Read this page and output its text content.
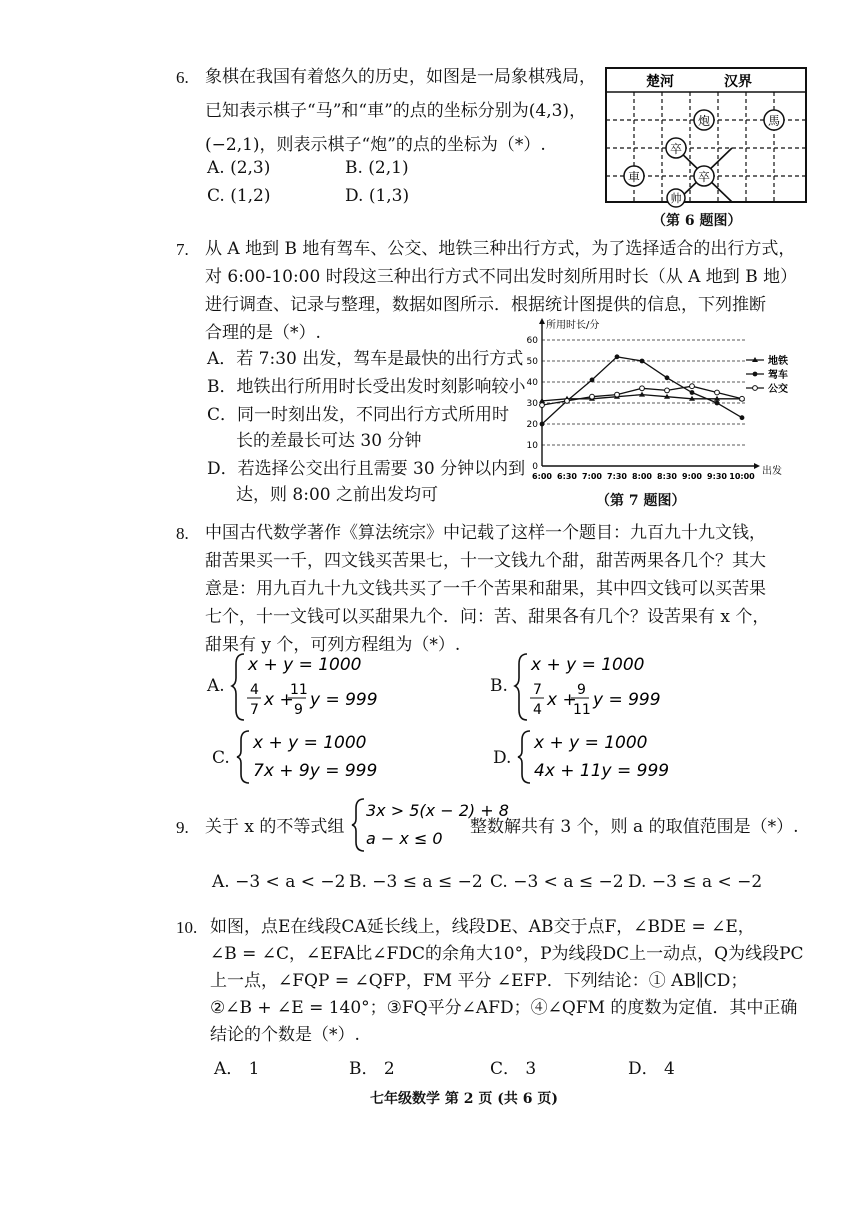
6. 象棋在我国有着悠久的历史，如图是一局象棋残局，
已知表示棋子“马”和“車”的点的坐标分别为(4,3)，
(−2,1)，则表示棋子“炮”的点的坐标为（*）.
A. (2,3)	B. (2,1)
C. (1,2)	D. (1,3)
楚河	汉界
炮	馬
卒
卒
車
帅
（第 6 题图）
7. 从 A 地到 B 地有驾车、公交、地铁三种出行方式，为了选择适合的出行方式，
对 6:00-10:00 时段这三种出行方式不同出发时刻所用时长（从 A 地到 B 地）
进行调查、记录与整理，数据如图所示．根据统计图提供的信息，下列推断
合理的是（*）.
A．若 7:30 出发，驾车是最快的出行方式
B．地铁出行所用时长受出发时刻影响较小
C．同一时刻出发，不同出行方式所用时
长的差最长可达 30 分钟
D．若选择公交出行且需要 30 分钟以内到
达，则 8:00 之前出发均可
0
10
20
30
40
50
60
所用时长/分
出发
6:00 6:30 7:00 7:30 8:00 8:30 9:00 9:30 10:00
地铁
驾车
公交
（第 7 题图）
8. 中国古代数学著作《算法统宗》中记载了这样一个题目：九百九十九文钱，
甜苦果买一千，四文钱买苦果七，十一文钱九个甜，甜苦两果各几个？其大
意是：用九百九十九文钱共买了一千个苦果和甜果，其中四文钱可以买苦果
七个，十一文钱可以买甜果九个．问：苦、甜果各有几个？设苦果有 x 个，
甜果有 y 个，可列方程组为（*）.
A.
x + y = 1000
4
7 x +
11
9 y = 999
B.
x + y = 1000
7
4 x + 9
11 y = 999
C.
x + y = 1000
7x + 9y = 999
D.
x + y = 1000
4x + 11y = 999
9. 关于 x 的不等式组
3x > 5(x − 2) + 8
a − x ≤ 0
整数解共有 3 个，则 a 的取值范围是（*）.
A. −3 < a < −2 B. −3 ≤ a ≤ −2 C. −3 < a ≤ −2 D. −3 ≤ a < −2
10. 如图，点E在线段CA延长线上，线段DE、AB交于点F，∠BDE = ∠E，
∠B = ∠C，∠EFA比∠FDC的余角大10°，P为线段DC上一动点，Q为线段PC
上一点，∠FQP = ∠QFP，FM 平分 ∠EFP．下列结论：① AB∥CD；
②∠B + ∠E = 140°；③FQ平分∠AFD；④∠QFM 的度数为定值．其中正确
结论的个数是（*）.
A． 1	B． 2	C． 3	D． 4
七年级数学 第 2 页 (共 6 页)
